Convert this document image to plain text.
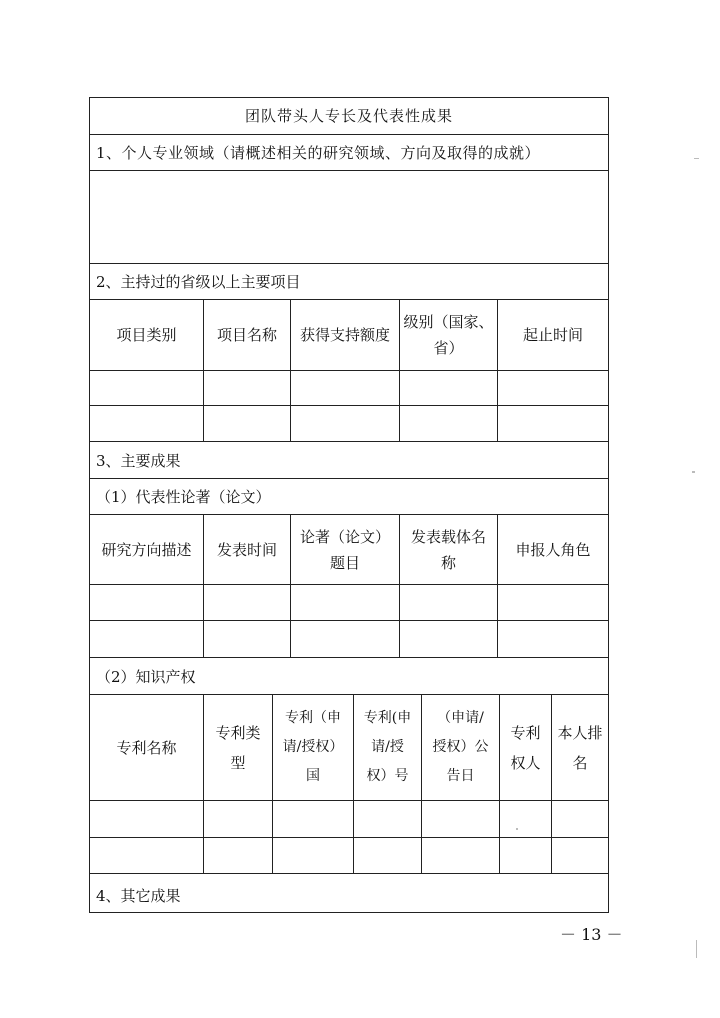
团队带头人专长及代表性成果
1、个人专业领域（请概述相关的研究领域、方向及取得的成就）
2、主持过的省级以上主要项目
项目类别	项目名称 获得支持额度
级别（国家、
省）
起止时间
3、主要成果
（1）代表性论著（论文）
研究方向描述 发表时间
论著（论文）
题目
发表载体名
称
申报人角色
（2）知识产权
专利名称
专利类
型
专利（申
请/授权）
国
专利(申
请/授
权）号
（申请/
授权）公
告日
专利
权人
本人排
名
4、其它成果
－ 13 －
